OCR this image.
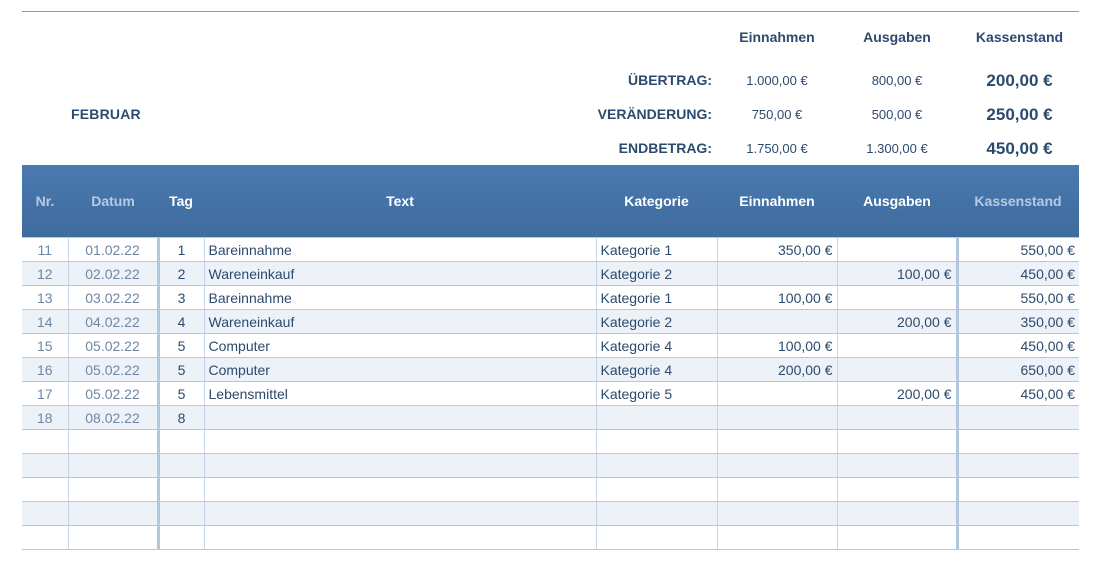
Einnahmen	Ausgaben	Kassenstand
FEBRUAR
ÜBERTRAG:	1.000,00 €	800,00 €	200,00 €
VERÄNDERUNG:	750,00 €	500,00 €	250,00 €
ENDBETRAG:	1.750,00 €	1.300,00 €	450,00 €
Nr.	Datum	Tag	Text	Kategorie	Einnahmen	Ausgaben	Kassenstand
11	01.02.22	1	Bareinnahme	Kategorie 1	350,00 €		550,00 €
12	02.02.22	2	Wareneinkauf	Kategorie 2		100,00 €	450,00 €
13	03.02.22	3	Bareinnahme	Kategorie 1	100,00 €		550,00 €
14	04.02.22	4	Wareneinkauf	Kategorie 2		200,00 €	350,00 €
15	05.02.22	5	Computer	Kategorie 4	100,00 €		450,00 €
16	05.02.22	5	Computer	Kategorie 4	200,00 €		650,00 €
17	05.02.22	5	Lebensmittel	Kategorie 5		200,00 €	450,00 €
18	08.02.22	8					
